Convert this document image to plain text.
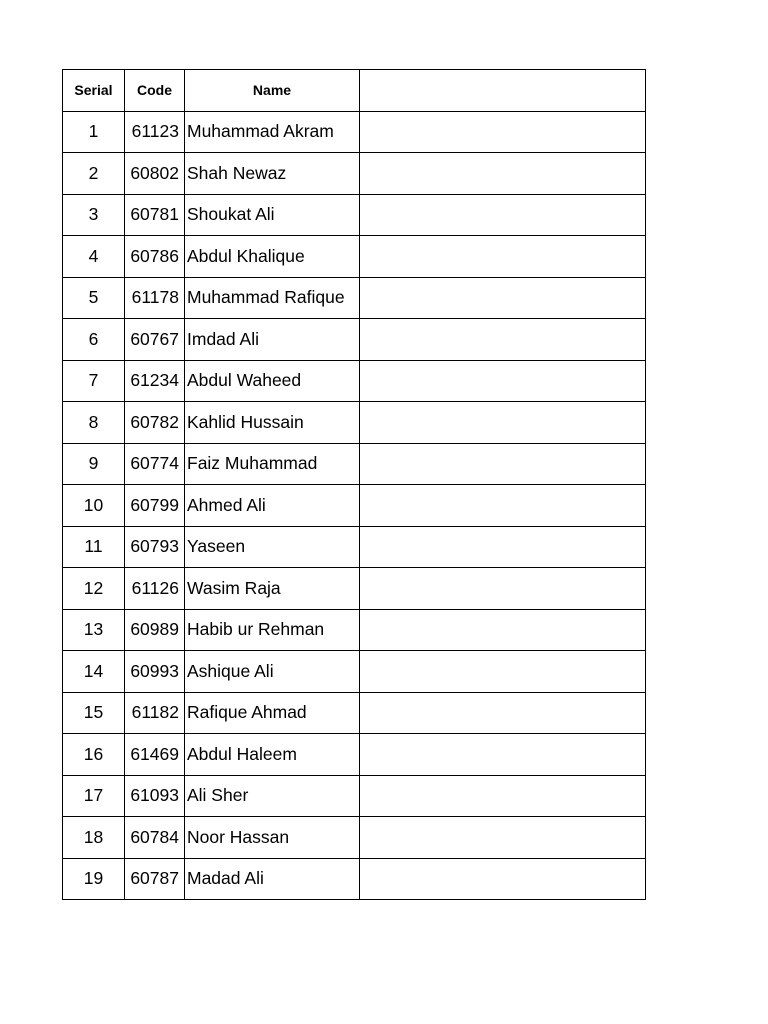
Serial	Code	Name	
1	61123	Muhammad Akram	
2	60802	Shah Newaz	
3	60781	Shoukat Ali	
4	60786	Abdul Khalique	
5	61178	Muhammad Rafique	
6	60767	Imdad Ali	
7	61234	Abdul Waheed	
8	60782	Kahlid Hussain	
9	60774	Faiz Muhammad	
10	60799	Ahmed Ali	
11	60793	Yaseen	
12	61126	Wasim Raja	
13	60989	Habib ur Rehman	
14	60993	Ashique Ali	
15	61182	Rafique Ahmad	
16	61469	Abdul Haleem	
17	61093	Ali Sher	
18	60784	Noor Hassan	
19	60787	Madad Ali	
